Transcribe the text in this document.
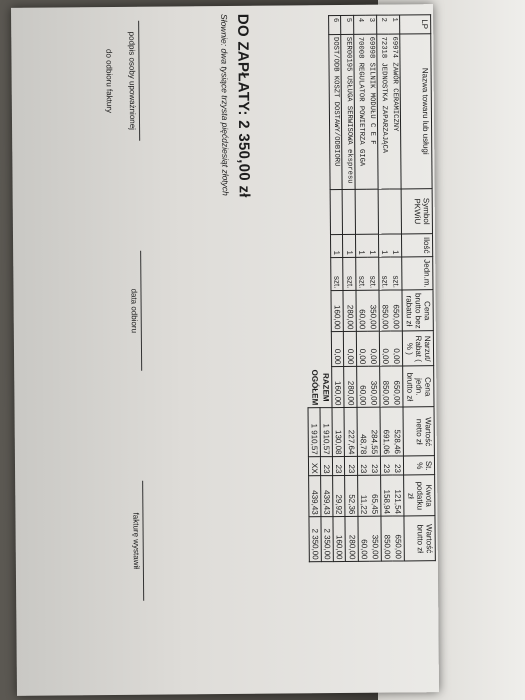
LP	Nazwa towaru lub usługi	Symbol PKWiU	Ilość	Jedn.m.	Cena brutto bez rabatu zł	Narzut/ Rabat ( % )	Cena jedn. brutto zł	Wartość netto zł	St. %	Kwota podatku zł	Wartość brutto zł
1	69974 ZAWÓR CERAMICZNY		1	szt.	650,00	0,00	650,00	528,46	23	121,54	650,00
2	72318 JEDNOSTKA ZAPARZAJĄCA		1	szt.	850,00	0,00	850,00	691,06	23	158,94	850,00
3	69998 SILNIK MODUŁU C E F		1	szt.	350,00	0,00	350,00	284,55	23	65,45	350,00
4	70008 REGULATOR POWIETRZA GIGA		1	szt.	60,00	0,00	60,00	48,78	23	11,22	60,00
5	SER00195 USŁUGA SERWISOWA ekspresu		1	szt.	280,00	0,00	280,00	227,64	23	52,36	280,00
6	DOST/ODB KOSZT DOSTAWY/ODBIORU		1	szt.	160,00	0,00	160,00	130,08	23	29,92	160,00
							RAZEM	1 910,57	23	439,43	2 350,00
							OGÓŁEM	1 910,57	XX	439,43	2 350,00
DO ZAPŁATY: 2 350,00 zł
Słownie: dwa tysiące trzysta pięćdziesiąt złotych
podpis osoby upoważnionej
do odbioru faktury
data odbioru
fakturę wystawił
